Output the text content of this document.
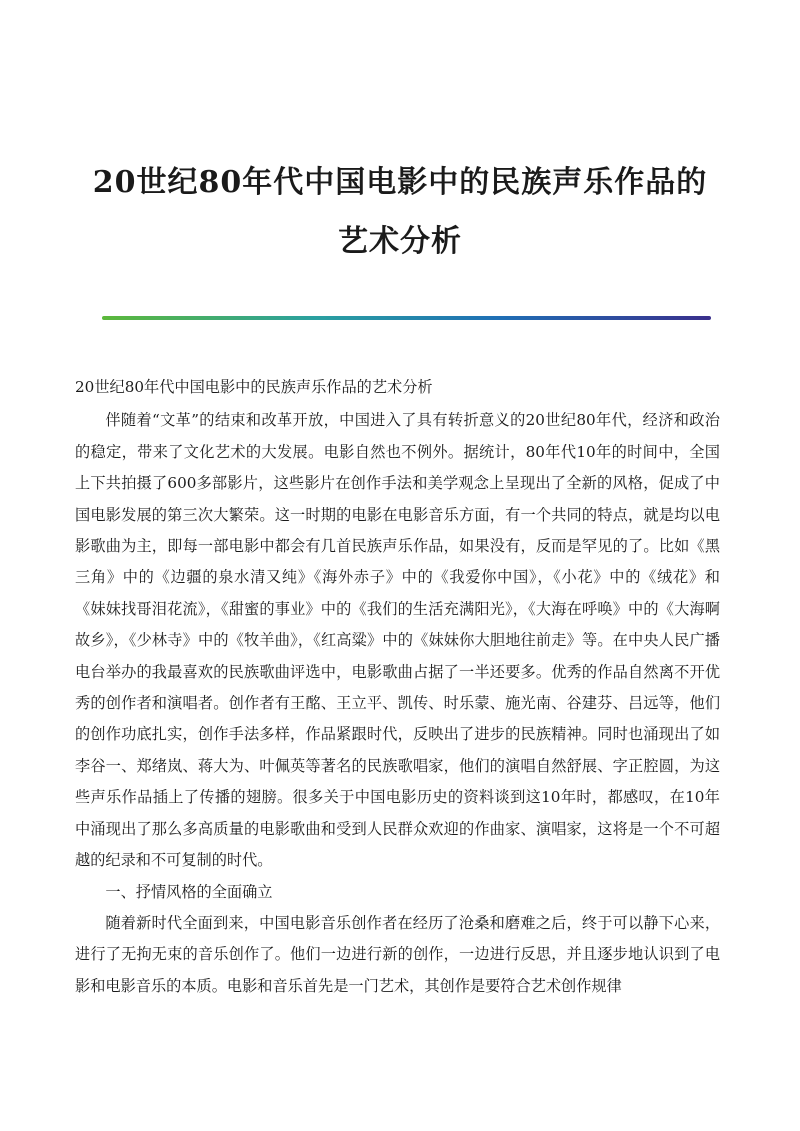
20世纪80年代中国电影中的民族声乐作品的
艺术分析

20世纪80年代中国电影中的民族声乐作品的艺术分析

伴随着“文革”的结束和改革开放，中国进入了具有转折意义的20世纪80年代，经济和政治的稳定，带来了文化艺术的大发展。电影自然也不例外。据统计，80年代10年的时间中，全国上下共拍摄了600多部影片，这些影片在创作手法和美学观念上呈现出了全新的风格，促成了中国电影发展的第三次大繁荣。这一时期的电影在电影音乐方面，有一个共同的特点，就是均以电影歌曲为主，即每一部电影中都会有几首民族声乐作品，如果没有，反而是罕见的了。比如《黑三角》中的《边疆的泉水清又纯》《海外赤子》中的《我爱你中国》，《小花》中的《绒花》和《妹妹找哥泪花流》，《甜蜜的事业》中的《我们的生活充满阳光》，《大海在呼唤》中的《大海啊故乡》，《少林寺》中的《牧羊曲》，《红高粱》中的《妹妹你大胆地往前走》等。在中央人民广播电台举办的我最喜欢的民族歌曲评选中，电影歌曲占据了一半还要多。优秀的作品自然离不开优秀的创作者和演唱者。创作者有王酩、王立平、凯传、时乐蒙、施光南、谷建芬、吕远等，他们的创作功底扎实，创作手法多样，作品紧跟时代，反映出了进步的民族精神。同时也涌现出了如李谷一、郑绪岚、蒋大为、叶佩英等著名的民族歌唱家，他们的演唱自然舒展、字正腔圆，为这些声乐作品插上了传播的翅膀。很多关于中国电影历史的资料谈到这10年时，都感叹，在10年中涌现出了那么多高质量的电影歌曲和受到人民群众欢迎的作曲家、演唱家，这将是一个不可超越的纪录和不可复制的时代。

一、抒情风格的全面确立

随着新时代全面到来，中国电影音乐创作者在经历了沧桑和磨难之后，终于可以静下心来，进行了无拘无束的音乐创作了。他们一边进行新的创作，一边进行反思，并且逐步地认识到了电影和电影音乐的本质。电影和音乐首先是一门艺术，其创作是要符合艺术创作规律
